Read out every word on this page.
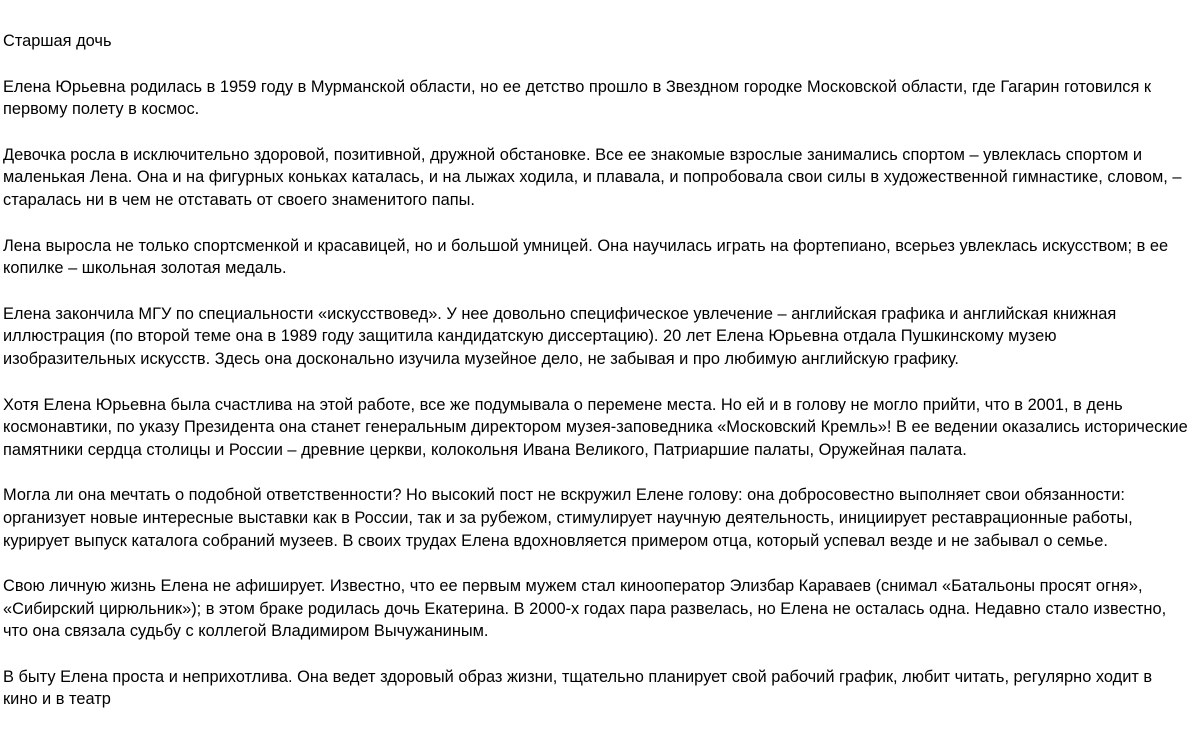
Старшая дочь

Елена Юрьевна родилась в 1959 году в Мурманской области, но ее детство прошло в Звездном городке Московской области, где Гагарин готовился к первому полету в космос.

Девочка росла в исключительно здоровой, позитивной, дружной обстановке. Все ее знакомые взрослые занимались спортом – увлеклась спортом и маленькая Лена. Она и на фигурных коньках каталась, и на лыжах ходила, и плавала, и попробовала свои силы в художественной гимнастике, словом, – старалась ни в чем не отставать от своего знаменитого папы.

Лена выросла не только спортсменкой и красавицей, но и большой умницей. Она научилась играть на фортепиано, всерьез увлеклась искусством; в ее копилке – школьная золотая медаль.

Елена закончила МГУ по специальности «искусствовед». У нее довольно специфическое увлечение – английская графика и английская книжная иллюстрация (по второй теме она в 1989 году защитила кандидатскую диссертацию). 20 лет Елена Юрьевна отдала Пушкинскому музею изобразительных искусств. Здесь она досконально изучила музейное дело, не забывая и про любимую английскую графику.

Хотя Елена Юрьевна была счастлива на этой работе, все же подумывала о перемене места. Но ей и в голову не могло прийти, что в 2001, в день космонавтики, по указу Президента она станет генеральным директором музея-заповедника «Московский Кремль»! В ее ведении оказались исторические памятники сердца столицы и России – древние церкви, колокольня Ивана Великого, Патриаршие палаты, Оружейная палата.

Могла ли она мечтать о подобной ответственности? Но высокий пост не вскружил Елене голову: она добросовестно выполняет свои обязанности: организует новые интересные выставки как в России, так и за рубежом, стимулирует научную деятельность, инициирует реставрационные работы, курирует выпуск каталога собраний музеев. В своих трудах Елена вдохновляется примером отца, который успевал везде и не забывал о семье.

Свою личную жизнь Елена не афиширует. Известно, что ее первым мужем стал кинооператор Элизбар Караваев (снимал «Батальоны просят огня», «Сибирский цирюльник»); в этом браке родилась дочь Екатерина. В 2000-х годах пара развелась, но Елена не осталась одна. Недавно стало известно, что она связала судьбу с коллегой Владимиром Вычужаниным.

В быту Елена проста и неприхотлива. Она ведет здоровый образ жизни, тщательно планирует свой рабочий график, любит читать, регулярно ходит в кино и в театр
